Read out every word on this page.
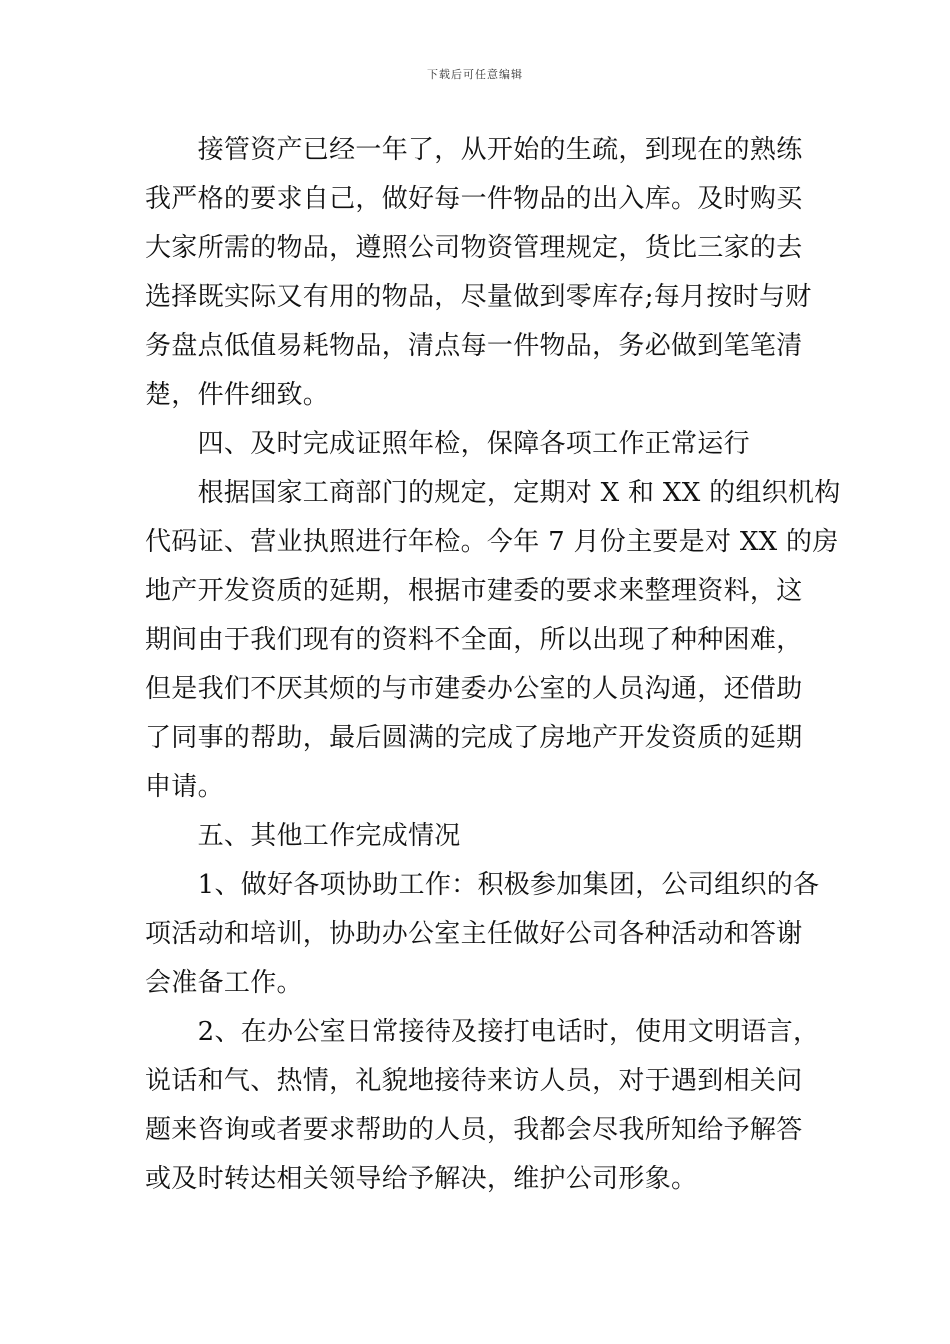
下载后可任意编辑
　　接管资产已经一年了，从开始的生疏，到现在的熟练
我严格的要求自己，做好每一件物品的出入库。及时购买
大家所需的物品，遵照公司物资管理规定，货比三家的去
选择既实际又有用的物品，尽量做到零库存;每月按时与财
务盘点低值易耗物品，清点每一件物品，务必做到笔笔清
楚，件件细致。
　　四、及时完成证照年检，保障各项工作正常运行
　　根据国家工商部门的规定，定期对 X 和 XX 的组织机构
代码证、营业执照进行年检。今年 7 月份主要是对 XX 的房
地产开发资质的延期，根据市建委的要求来整理资料，这
期间由于我们现有的资料不全面，所以出现了种种困难，
但是我们不厌其烦的与市建委办公室的人员沟通，还借助
了同事的帮助，最后圆满的完成了房地产开发资质的延期
申请。
　　五、其他工作完成情况
　　1、做好各项协助工作：积极参加集团，公司组织的各
项活动和培训，协助办公室主任做好公司各种活动和答谢
会准备工作。
　　2、在办公室日常接待及接打电话时，使用文明语言，
说话和气、热情，礼貌地接待来访人员，对于遇到相关问
题来咨询或者要求帮助的人员，我都会尽我所知给予解答
或及时转达相关领导给予解决，维护公司形象。
